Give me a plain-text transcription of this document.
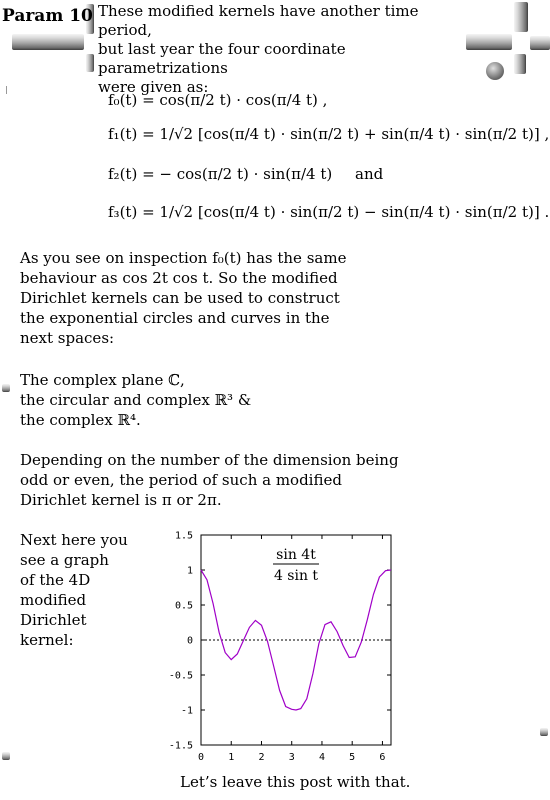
Param 10 These modified kernels have another time period,
but last year the four coordinate parametrizations
were given as:
f₀(t) = cos(π/2 t) · cos(π/4 t) ,
f₁(t) = 1/√2 [cos(π/4 t) · sin(π/2 t) + sin(π/4 t) · sin(π/2 t)] ,
f₂(t) = − cos(π/2 t) · sin(π/4 t) and
f₃(t) = 1/√2 [cos(π/4 t) · sin(π/2 t) − sin(π/4 t) · sin(π/2 t)] .
As you see on inspection f₀(t) has the same
behaviour as cos 2t cos t. So the modified
Dirichlet kernels can be used to construct
the exponential circles and curves in the
next spaces:
The complex plane ℂ,
the circular and complex ℝ³ &
the complex ℝ⁴.
Depending on the number of the dimension being
odd or even, the period of such a modified
Dirichlet kernel is π or 2π.
Next here you
see a graph
of the 4D
modified
Dirichlet
kernel:
Let’s leave this post with that.
1.5
1
0.5
0
-0.5
-1
-1.5
0 1 2 3 4 5 6
sin 4t
4 sin t
